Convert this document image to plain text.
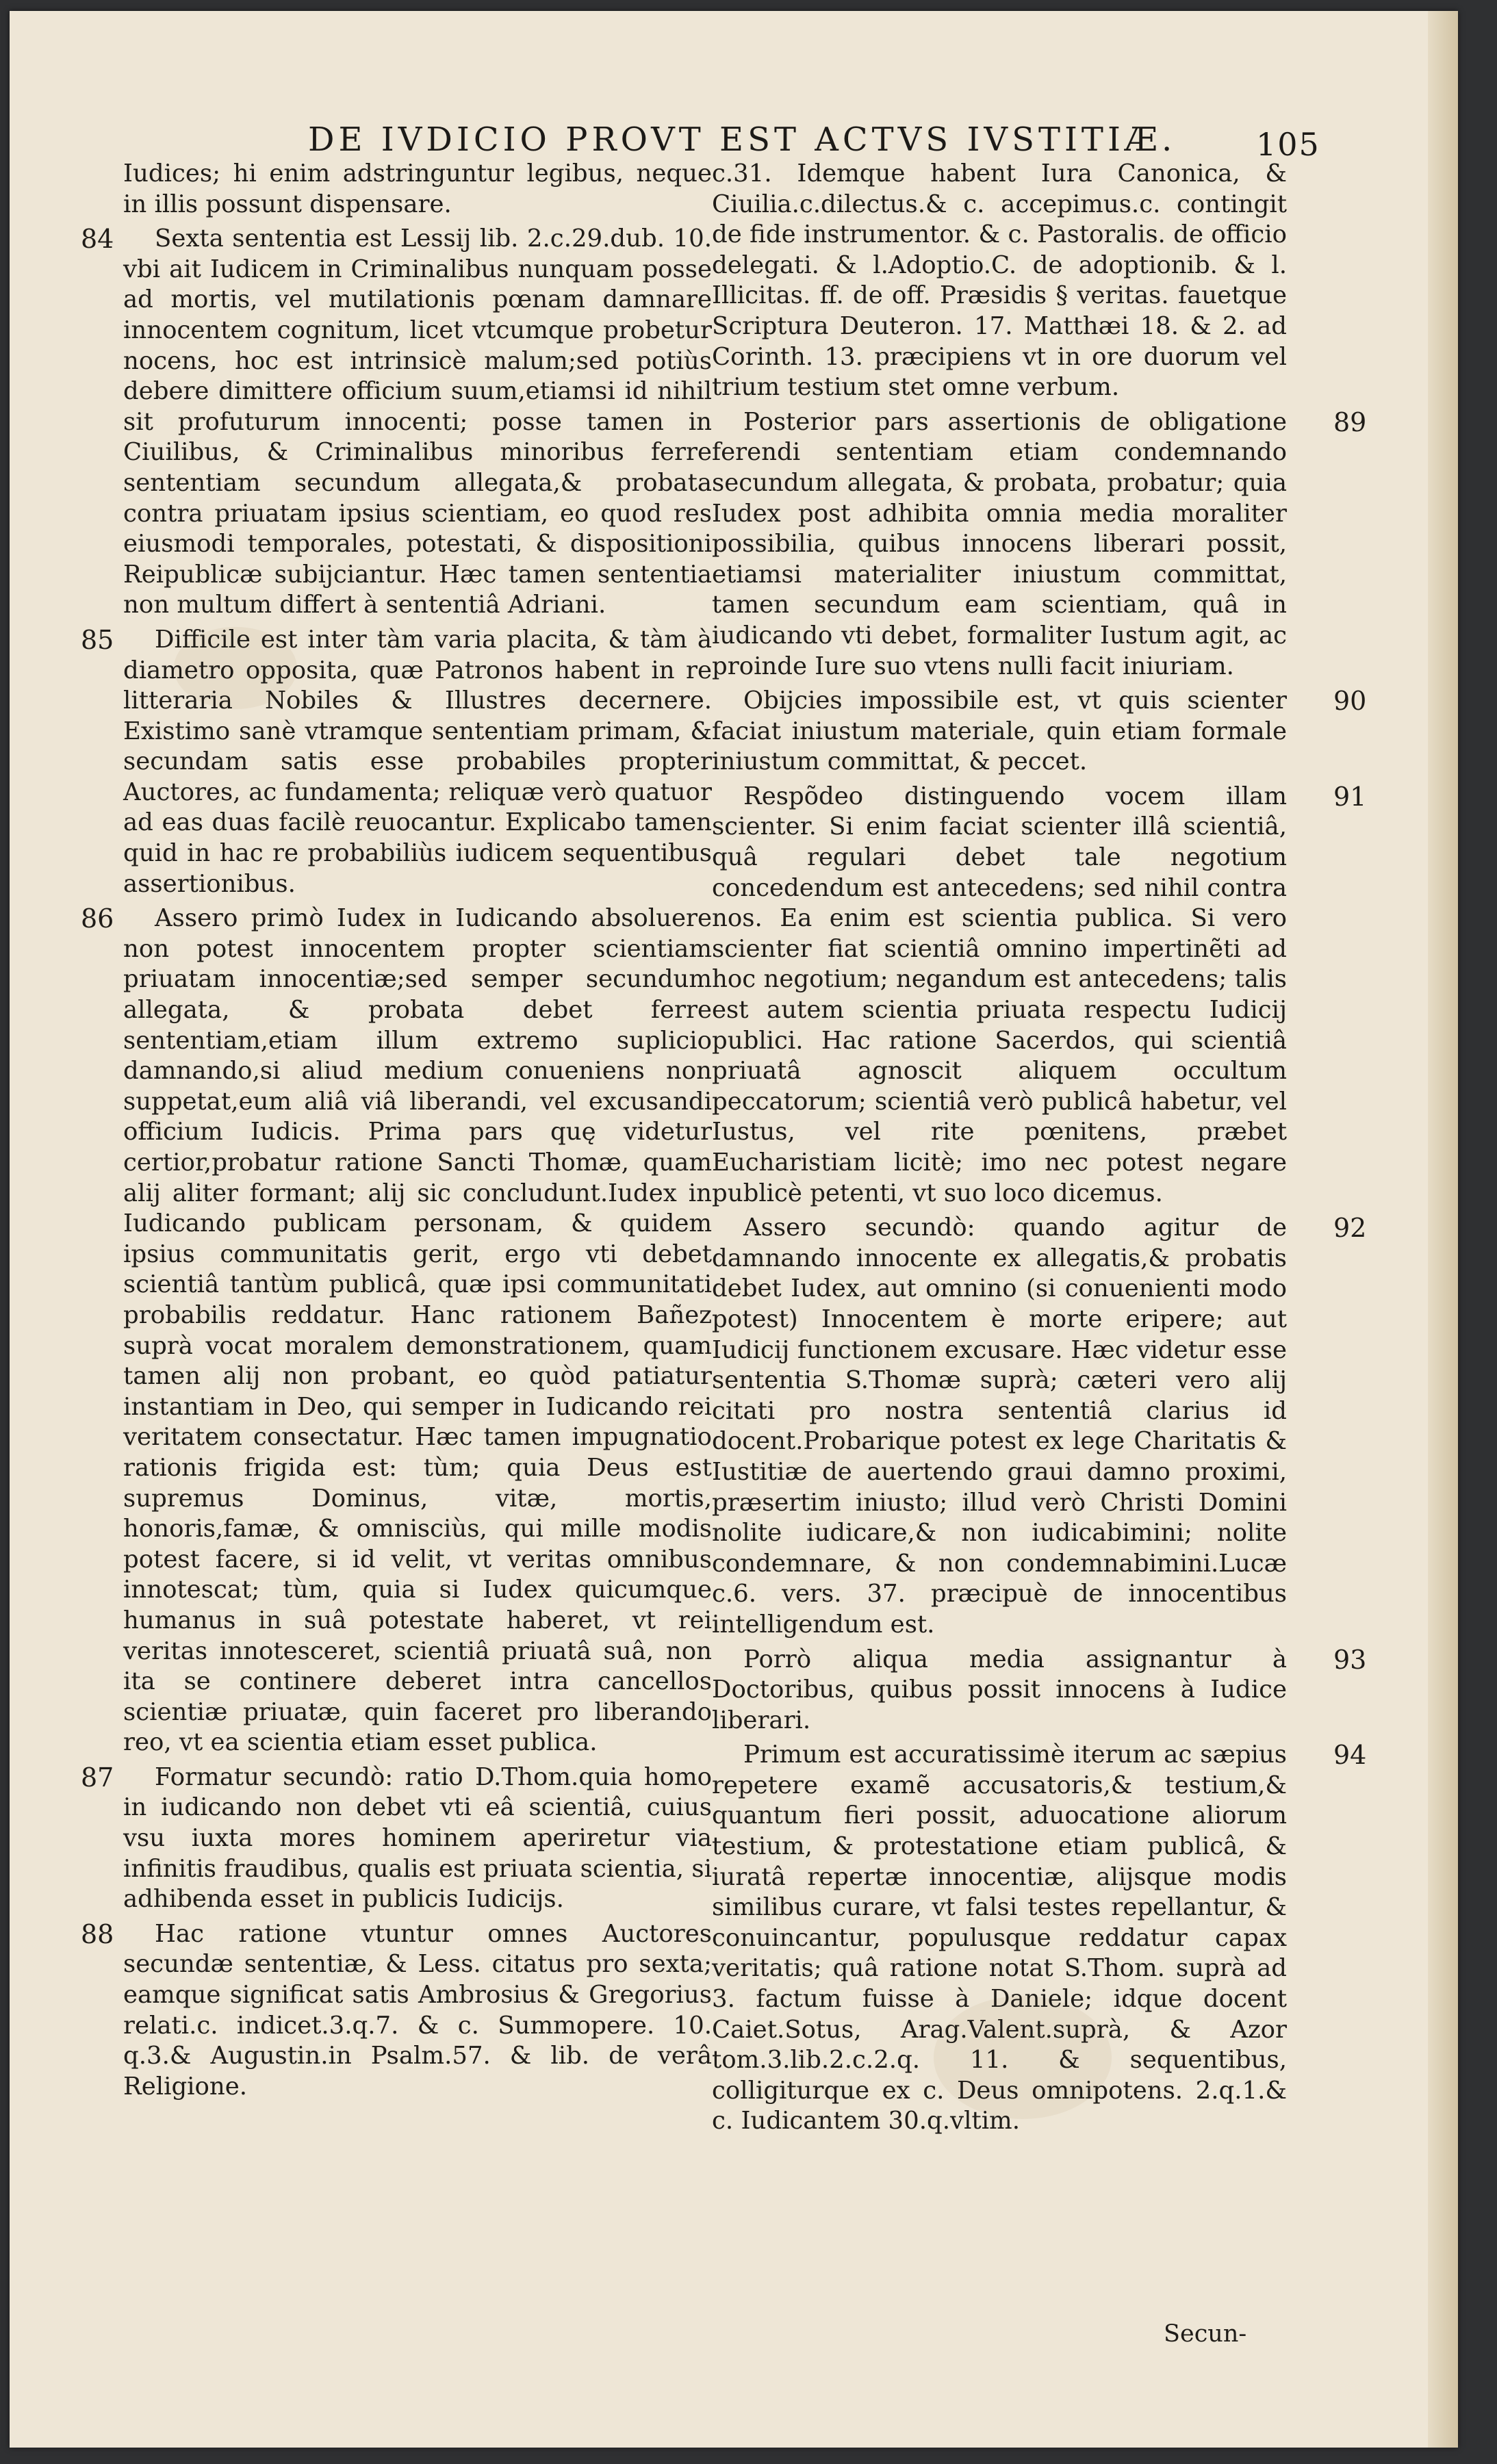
DE IVDICIO PROVT EST ACTVS IVSTITIÆ.	105

Iudices; hi enim adstringuntur legibus, neque in illis possunt dispensare.

84 Sexta sententia est Lessij lib. 2.c.29.dub. 10. vbi ait Iudicem in Criminalibus nunquam posse ad mortis, vel mutilationis pœnam damnare innocentem cognitum, licet vtcumque probetur nocens, hoc est intrinsicè malum;sed potiùs debere dimittere officium suum,etiamsi id nihil sit profuturum innocenti; posse tamen in Ciuilibus, & Criminalibus minoribus ferre sententiam secundum allegata,& probata contra priuatam ipsius scientiam, eo quod res eiusmodi temporales, potestati, & dispositioni Reipublicæ subijciantur. Hæc tamen sententia non multum differt à sententiâ Adriani.

85 Difficile est inter tàm varia placita, & tàm à diametro opposita, quæ Patronos habent in re litteraria Nobiles & Illustres decernere. Existimo sanè vtramque sententiam primam, & secundam satis esse probabiles propter Auctores, ac fundamenta; reliquæ verò quatuor ad eas duas facilè reuocantur. Explicabo tamen quid in hac re probabiliùs iudicem sequentibus assertionibus.

86 Assero primò Iudex in Iudicando absoluere non potest innocentem propter scientiam priuatam innocentiæ;sed semper secundum allegata, & probata debet ferre sententiam,etiam illum extremo suplicio damnando,si aliud medium conueniens non suppetat,eum aliâ viâ liberandi, vel excusandi officium Iudicis. Prima pars quę videtur certior,probatur ratione Sancti Thomæ, quam alij aliter formant; alij sic concludunt.Iudex in Iudicando publicam personam, & quidem ipsius communitatis gerit, ergo vti debet scientiâ tantùm publicâ, quæ ipsi communitati probabilis reddatur. Hanc rationem Bañez suprà vocat moralem demonstrationem, quam tamen alij non probant, eo quòd patiatur instantiam in Deo, qui semper in Iudicando rei veritatem consectatur. Hæc tamen impugnatio rationis frigida est: tùm; quia Deus est supremus Dominus, vitæ, mortis, honoris,famæ, & omnisciùs, qui mille modis potest facere, si id velit, vt veritas omnibus innotescat; tùm, quia si Iudex quicumque humanus in suâ potestate haberet, vt rei veritas innotesceret, scientiâ priuatâ suâ, non ita se continere deberet intra cancellos scientiæ priuatæ, quin faceret pro liberando reo, vt ea scientia etiam esset publica.

87 Formatur secundò: ratio D.Thom.quia homo in iudicando non debet vti eâ scientiâ, cuius vsu iuxta mores hominem aperiretur via infinitis fraudibus, qualis est priuata scientia, si adhibenda esset in publicis Iudicijs.

88 Hac ratione vtuntur omnes Auctores secundæ sententiæ, & Less. citatus pro sexta; eamque significat satis Ambrosius & Gregorius relati.c. indicet.3.q.7. & c. Summopere. 10. q.3.& Augustin.in Psalm.57. & lib. de verâ Religione.

c.31. Idemque habent Iura Canonica, & Ciuilia.c.dilectus.& c. accepimus.c. contingit de fide instrumentor. & c. Pastoralis. de officio delegati. & l.Adoptio.C. de adoptionib. & l. Illicitas. ff. de off. Præsidis § veritas. fauetque Scriptura Deuteron. 17. Matthæi 18. & 2. ad Corinth. 13. præcipiens vt in ore duorum vel trium testium stet omne verbum.

89
Posterior pars assertionis de obligatione ferendi sententiam etiam condemnando secundum allegata, & probata, probatur; quia Iudex post adhibita omnia media moraliter possibilia, quibus innocens liberari possit, etiamsi materialiter iniustum committat, tamen secundum eam scientiam, quâ in iudicando vti debet, formaliter Iustum agit, ac proinde Iure suo vtens nulli facit iniuriam.

90
Obijcies impossibile est, vt quis scienter faciat iniustum materiale, quin etiam formale iniustum committat, & peccet.

91
Respõdeo distinguendo vocem illam scienter. Si enim faciat scienter illâ scientiâ, quâ regulari debet tale negotium concedendum est antecedens; sed nihil contra nos. Ea enim est scientia publica. Si vero scienter fiat scientiâ omnino impertinẽti ad hoc negotium; negandum est antecedens; talis est autem scientia priuata respectu Iudicij publici. Hac ratione Sacerdos, qui scientiâ priuatâ agnoscit aliquem occultum peccatorum; scientiâ verò publicâ habetur, vel Iustus, vel rite pœnitens, præbet Eucharistiam licitè; imo nec potest negare publicè petenti, vt suo loco dicemus.

92
Assero secundò: quando agitur de damnando innocente ex allegatis,& probatis debet Iudex, aut omnino (si conuenienti modo potest) Innocentem è morte eripere; aut Iudicij functionem excusare. Hæc videtur esse sententia S.Thomæ suprà; cæteri vero alij citati pro nostra sententiâ clarius id docent.Probarique potest ex lege Charitatis & Iustitiæ de auertendo graui damno proximi, præsertim iniusto; illud verò Christi Domini nolite iudicare,& non iudicabimini; nolite condemnare, & non condemnabimini.Lucæ c.6. vers. 37. præcipuè de innocentibus intelligendum est.

93
Porrò aliqua media assignantur à Doctoribus, quibus possit innocens à Iudice liberari.

94
Primum est accuratissimè iterum ac sæpius repetere examẽ accusatoris,& testium,& quantum fieri possit, aduocatione aliorum testium, & protestatione etiam publicâ, & iuratâ repertæ innocentiæ, alijsque modis similibus curare, vt falsi testes repellantur, & conuincantur, populusque reddatur capax veritatis; quâ ratione notat S.Thom. suprà ad 3. factum fuisse à Daniele; idque docent Caiet.Sotus, Arag.Valent.suprà, & Azor tom.3.lib.2.c.2.q. 11. & sequentibus, colligiturque ex c. Deus omnipotens. 2.q.1.& c. Iudicantem 30.q.vltim.

Secun-
